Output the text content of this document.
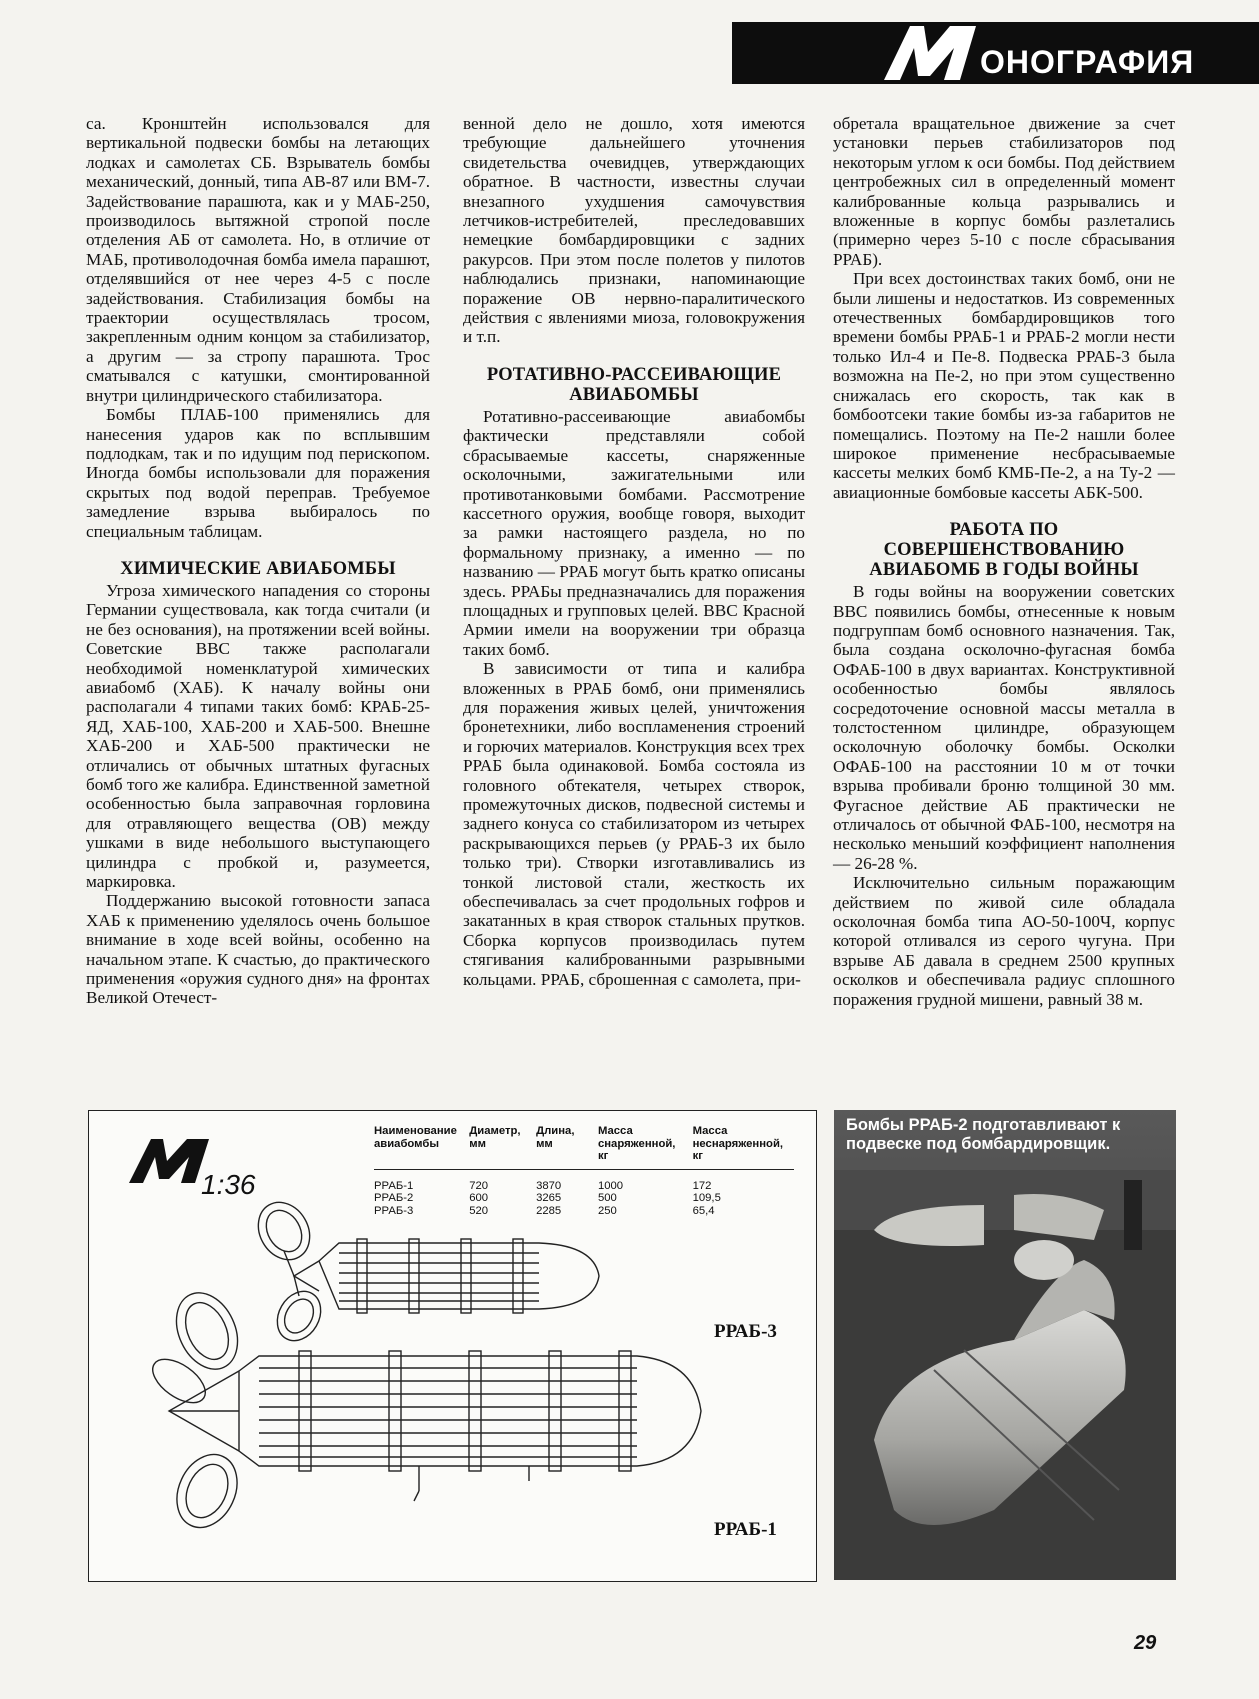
ОНОГРАФИЯ

са. Кронштейн использовался для вертикальной подвески бомбы на летающих лодках и самолетах СБ. Взрыватель бомбы механический, донный, типа АВ-87 или ВМ-7. Задействование парашюта, как и у МАБ-250, производилось вытяжной стропой после отделения АБ от самолета. Но, в отличие от МАБ, противолодочная бомба имела парашют, отделявшийся от нее через 4-5 с после задействования. Стабилизация бомбы на траектории осуществлялась тросом, закрепленным одним концом за стабилизатор, а другим — за стропу парашюта. Трос сматывался с катушки, смонтированной внутри цилиндрического стабилизатора.

Бомбы ПЛАБ-100 применялись для нанесения ударов как по всплывшим подлодкам, так и по идущим под перископом. Иногда бомбы использовали для поражения скрытых под водой переправ. Требуемое замедление взрыва выбиралось по специальным таблицам.

ХИМИЧЕСКИЕ АВИАБОМБЫ

Угроза химического нападения со стороны Германии существовала, как тогда считали (и не без основания), на протяжении всей войны. Советские ВВС также располагали необходимой номенклатурой химических авиабомб (ХАБ). К началу войны они располагали 4 типами таких бомб: КРАБ-25-ЯД, ХАБ-100, ХАБ-200 и ХАБ-500. Внешне ХАБ-200 и ХАБ-500 практически не отличались от обычных штатных фугасных бомб того же калибра. Единственной заметной особенностью была заправочная горловина для отравляющего вещества (ОВ) между ушками в виде небольшого выступающего цилиндра с пробкой и, разумеется, маркировка.

Поддержанию высокой готовности запаса ХАБ к применению уделялось очень большое внимание в ходе всей войны, особенно на начальном этапе. К счастью, до практического применения «оружия судного дня» на фронтах Великой Отечест-

венной дело не дошло, хотя имеются требующие дальнейшего уточнения свидетельства очевидцев, утверждающих обратное. В частности, известны случаи внезапного ухудшения самочувствия летчиков-истребителей, преследовавших немецкие бомбардировщики с задних ракурсов. При этом после полетов у пилотов наблюдались признаки, напоминающие поражение ОВ нервно-паралитического действия с явлениями миоза, головокружения и т.п.

РОТАТИВНО-РАССЕИВАЮЩИЕ АВИАБОМБЫ

Ротативно-рассеивающие авиабомбы фактически представляли собой сбрасываемые кассеты, снаряженные осколочными, зажигательными или противотанковыми бомбами. Рассмотрение кассетного оружия, вообще говоря, выходит за рамки настоящего раздела, но по формальному признаку, а именно — по названию — РРАБ могут быть кратко описаны здесь. РРАБы предназначались для поражения площадных и групповых целей. ВВС Красной Армии имели на вооружении три образца таких бомб.

В зависимости от типа и калибра вложенных в РРАБ бомб, они применялись для поражения живых целей, уничтожения бронетехники, либо воспламенения строений и горючих материалов. Конструкция всех трех РРАБ была одинаковой. Бомба состояла из головного обтекателя, четырех створок, промежуточных дисков, подвесной системы и заднего конуса со стабилизатором из четырех раскрывающихся перьев (у РРАБ-3 их было только три). Створки изготавливались из тонкой листовой стали, жесткость их обеспечивалась за счет продольных гофров и закатанных в края створок стальных прутков. Сборка корпусов производилась путем стягивания калиброванными разрывными кольцами. РРАБ, сброшенная с самолета, при-

обретала вращательное движение за счет установки перьев стабилизаторов под некоторым углом к оси бомбы. Под действием центробежных сил в определенный момент калиброванные кольца разрывались и вложенные в корпус бомбы разлетались (примерно через 5-10 с после сбрасывания РРАБ).

При всех достоинствах таких бомб, они не были лишены и недостатков. Из современных отечественных бомбардировщиков того времени бомбы РРАБ-1 и РРАБ-2 могли нести только Ил-4 и Пе-8. Подвеска РРАБ-3 была возможна на Пе-2, но при этом существенно снижалась его скорость, так как в бомбоотсеки такие бомбы из-за габаритов не помещались. Поэтому на Пе-2 нашли более широкое применение несбрасываемые кассеты мелких бомб КМБ-Пе-2, а на Ту-2 — авиационные бомбовые кассеты АБК-500.

РАБОТА ПО СОВЕРШЕНСТВОВАНИЮ АВИАБОМБ В ГОДЫ ВОЙНЫ

В годы войны на вооружении советских ВВС появились бомбы, отнесенные к новым подгруппам бомб основного назначения. Так, была создана осколочно-фугасная бомба ОФАБ-100 в двух вариантах. Конструктивной особенностью бомбы являлось сосредоточение основной массы металла в толстостенном цилиндре, образующем осколочную оболочку бомбы. Осколки ОФАБ-100 на расстоянии 10 м от точки взрыва пробивали броню толщиной 30 мм. Фугасное действие АБ практически не отличалось от обычной ФАБ-100, несмотря на несколько меньший коэффициент наполнения — 26-28 %.

Исключительно сильным поражающим действием по живой силе обладала осколочная бомба типа АО-50-100Ч, корпус которой отливался из серого чугуна. При взрыве АБ давала в среднем 2500 крупных осколков и обеспечивала радиус сплошного поражения грудной мишени, равный 38 м.

1:36
Наименование авиабомбы	Диаметр, мм	Длина, мм	Масса снаряженной, кг	Масса неснаряженной, кг
РРАБ-1	720	3870	1000	172
РРАБ-2	600	3265	500	109,5
РРАБ-3	520	2285	250	65,4
РРАБ-3
РРАБ-1
Бомбы РРАБ-2 подготавливают к подвеске под бомбардировщик.
29
